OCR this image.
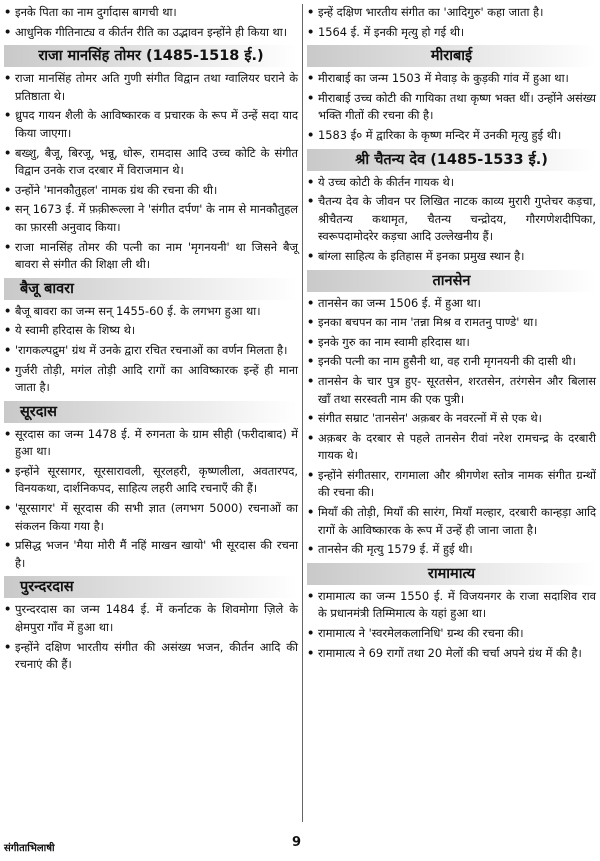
• इनके पिता का नाम दुर्गादास बागची था।
• आधुनिक गीतिनाट्य व कीर्तन रीति का उद्भावन इन्होंने ही किया था।
राजा मानसिंह तोमर (1485-1518 ई.)
• राजा मानसिंह तोमर अति गुणी संगीत विद्वान तथा ग्वालियर घराने के प्रतिष्ठाता थे।
• ध्रुपद गायन शैली के आविष्कारक व प्रचारक के रूप में उन्हें सदा याद किया जाएगा।
• बख्शु, बैजू, बिरजू, भन्नू, धोरू, रामदास आदि उच्च कोटि के संगीत विद्वान उनके राज दरबार में विराजमान थे।
• उन्होंने 'मानकौतुहल' नामक ग्रंथ की रचना की थी।
• सन् 1673 ई. में फ़क़ीरूल्ला ने 'संगीत दर्पण' के नाम से मानकौतुहल का फ़ारसी अनुवाद किया।
• राजा मानसिंह तोमर की पत्नी का नाम 'मृगनयनी' था जिसने बैजू बावरा से संगीत की शिक्षा ली थी।
बैजू बावरा
• बैजू बावरा का जन्म सन् 1455-60 ई. के लगभग हुआ था।
• ये स्वामी हरिदास के शिष्य थे।
• 'रागकल्पद्रुम' ग्रंथ में उनके द्वारा रचित रचनाओं का वर्णन मिलता है।
• गुर्जरी तोड़ी, मगंल तोड़ी आदि रागों का आविष्कारक इन्हें ही माना जाता है।
सूरदास
• सूरदास का जन्म 1478 ई. में रुगनता के ग्राम सीही (फरीदाबाद) में हुआ था।
• इन्होंने सूरसागर, सूरसारावली, सूरलहरी, कृष्णलीला, अवतारपद, विनयकथा, दार्शनिकपद, साहित्य लहरी आदि रचनाएँ की हैं।
• 'सूरसागर' में सूरदास की सभी ज्ञात (लगभग 5000) रचनाओं का संकलन किया गया है।
• प्रसिद्ध भजन 'मैया मोरी मैं नहिं माखन खायो' भी सूरदास की रचना है।
पुरन्दरदास
• पुरन्दरदास का जन्म 1484 ई. में कर्नाटक के शिवमोगा ज़िले के क्षेमपुरा गाँव में हुआ था।
• इन्होंने दक्षिण भारतीय संगीत की असंख्य भजन, कीर्तन आदि की रचनाएं की हैं।
• इन्हें दक्षिण भारतीय संगीत का 'आदिगुरु' कहा जाता है।
• 1564 ई. में इनकी मृत्यु हो गई थी।
मीराबाई
• मीराबाई का जन्म 1503 में मेवाड़ के कुड़की गांव में हुआ था।
• मीराबाई उच्च कोटी की गायिका तथा कृष्ण भक्त थीं। उन्होंने असंख्य भक्ति गीतों की रचना की है।
• 1583 ई० में द्वारिका के कृष्ण मन्दिर में उनकी मृत्यु हुई थी।
श्री चैतन्य देव (1485-1533 ई.)
• ये उच्च कोटी के कीर्तन गायक थे।
• चैतन्य देव के जीवन पर लिखित नाटक काव्य मुरारी गुप्तेचर कड़चा, श्रीचैतन्य कथामृत, चैतन्य चन्द्रोदय, गौरगणेशदीपिका, स्वरूपदामोदरेर कड़चा आदि उल्लेखनीय हैं।
• बांग्ला साहित्य के इतिहास में इनका प्रमुख स्थान है।
तानसेन
• तानसेन का जन्म 1506 ई. में हुआ था।
• इनका बचपन का नाम 'तन्ना मिश्र व रामतनु पाण्डे' था।
• इनके गुरु का नाम स्वामी हरिदास था।
• इनकी पत्नी का नाम हुसैनी था, वह रानी मृगनयनी की दासी थी।
• तानसेन के चार पुत्र हुए- सूरतसेन, शरतसेन, तरंगसेन और बिलास खाँ तथा सरस्वती नाम की एक पुत्री।
• संगीत सम्राट 'तानसेन' अक़बर के नवरत्नों में से एक थे।
• अक़बर के दरबार से पहले तानसेन रीवां नरेश रामचन्द्र के दरबारी गायक थे।
• इन्होंने संगीतसार, रागमाला और श्रीगणेश स्तोत्र नामक संगीत ग्रन्थों की रचना की।
• मियाँ की तोड़ी, मियाँ की सारंग, मियाँ मल्हार, दरबारी कान्हड़ा आदि रागों के आविष्कारक के रूप में उन्हें ही जाना जाता है।
• तानसेन की मृत्यु 1579 ई. में हुई थी।
रामामात्य
• रामामात्य का जन्म 1550 ई. में विजयनगर के राजा सदाशिव राव के प्रधानमंत्री तिम्मिमात्य के यहां हुआ था।
• रामामात्य ने 'स्वरमेलकलानिधि' ग्रन्थ की रचना की।
• रामामात्य ने 69 रागों तथा 20 मेलों की चर्चा अपने ग्रंथ में की है।
संगीताभिलाषी	9
